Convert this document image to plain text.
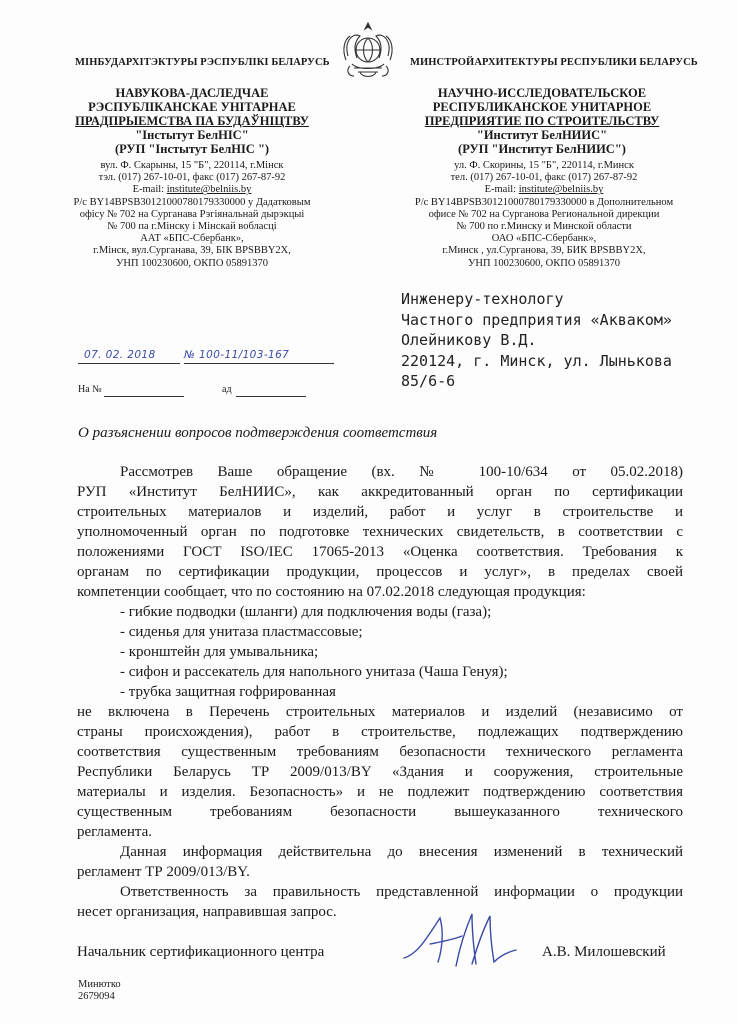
МІНБУДАРХІТЭКТУРЫ РЭСПУБЛІКІ БЕЛАРУСЬ	МИНСТРОЙАРХИТЕКТУРЫ РЕСПУБЛИКИ БЕЛАРУСЬ
НАВУКОВА-ДАСЛЕДЧАЕ
РЭСПУБЛІКАНСКАЕ УНІТАРНАЕ
ПРАДПРЫЕМСТВА ПА БУДАЎНІЦТВУ
"Інстытут БелНІС"
(РУП "Інстытут БелНІС ")
НАУЧНО-ИССЛЕДОВАТЕЛЬСКОЕ
РЕСПУБЛИКАНСКОЕ УНИТАРНОЕ
ПРЕДПРИЯТИЕ ПО СТРОИТЕЛЬСТВУ
"Институт БелНИИС"
(РУП "Институт БелНИИС")
вул. Ф. Скарыны, 15 "Б", 220114, г.Мінск
тэл. (017) 267-10-01, факс (017) 267-87-92
E-mail: institute@belniis.by
Р/с BY14BPSB30121000780179330000 у Дадатковым
офісу № 702 на Сурганава Рэгіянальнай дырэкцыі
№ 700 па г.Мінску і Мінскай вобласці
ААТ «БПС-Сбербанк»,
г.Мінск, вул.Сурганава, 39, БІК BPSBBY2X,
УНП 100230600, ОКПО 05891370
ул. Ф. Скорины, 15 "Б", 220114, г.Минск
тел. (017) 267-10-01, факс (017) 267-87-92
E-mail: institute@belniis.by
Р/с BY14BPSB30121000780179330000 в Дополнительном
офисе № 702 на Сурганова Региональной дирекции
№ 700 по г.Минску и Минской области
ОАО «БПС-Сбербанк»,
г.Минск , ул.Сурганова, 39, БИК BPSBBY2X,
УНП 100230600, ОКПО 05891370
Инженеру-технологу
Частного предприятия «Акваком»
Олейникову В.Д.
220124, г. Минск, ул. Лынькова
85/6-6
07. 02. 2018	№ 100-11/103-167
На №	ад
О разъяснении вопросов подтверждения соответствия
Рассмотрев Ваше обращение (вх. № 100-10/634 от 05.02.2018)
РУП «Институт БелНИИС», как аккредитованный орган по сертификации
строительных материалов и изделий, работ и услуг в строительстве и
уполномоченный орган по подготовке технических свидетельств, в соответствии с
положениями ГОСТ ISO/IEC 17065-2013 «Оценка соответствия. Требования к
органам по сертификации продукции, процессов и услуг», в пределах своей
компетенции сообщает, что по состоянию на 07.02.2018 следующая продукция:
- гибкие подводки (шланги) для подключения воды (газа);
- сиденья для унитаза пластмассовые;
- кронштейн для умывальника;
- сифон и рассекатель для напольного унитаза (Чаша Генуя);
- трубка защитная гофрированная
не включена в Перечень строительных материалов и изделий (независимо от
страны происхождения), работ в строительстве, подлежащих подтверждению
соответствия существенным требованиям безопасности технического регламента
Республики Беларусь ТР 2009/013/BY «Здания и сооружения, строительные
материалы и изделия. Безопасность» и не подлежит подтверждению соответствия
существенным требованиям безопасности вышеуказанного технического
регламента.
Данная информация действительна до внесения изменений в технический
регламент ТР 2009/013/BY.
Ответственность за правильность представленной информации о продукции
несет организация, направившая запрос.
Начальник сертификационного центра	А.В. Милошевский
Минютко
2679094
